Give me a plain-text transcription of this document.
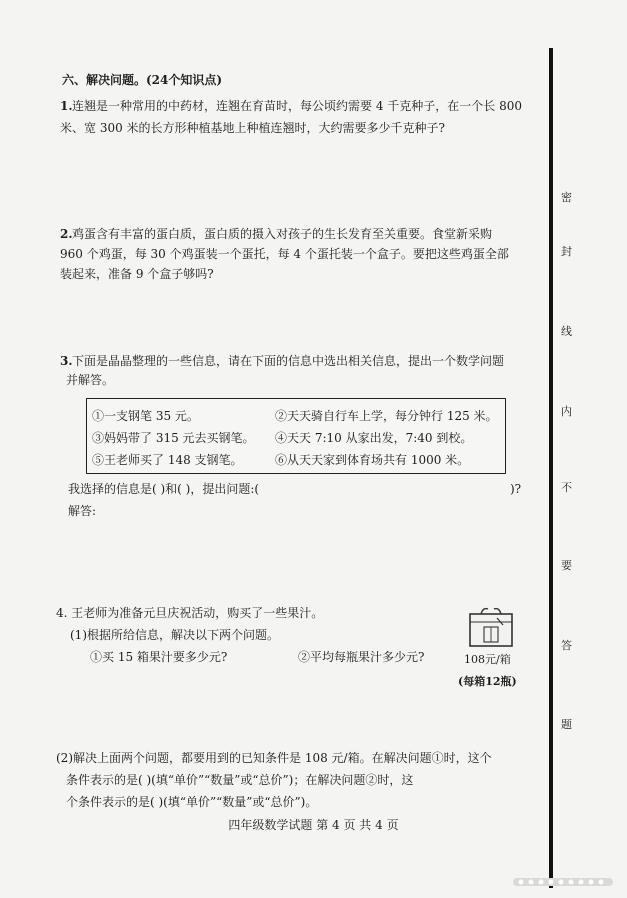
六、解决问题。(24个知识点)
1. 连翘是一种常用的中药材，连翘在育苗时，每公顷约需要 4 千克种子，在一个长 800
米、宽 300 米的长方形种植基地上种植连翘时，大约需要多少千克种子?
2. 鸡蛋含有丰富的蛋白质，蛋白质的摄入对孩子的生长发育至关重要。食堂新采购
960 个鸡蛋，每 30 个鸡蛋装一个蛋托，每 4 个蛋托装一个盒子。要把这些鸡蛋全部
装起来，准备 9 个盒子够吗?
3. 下面是晶晶整理的一些信息，请在下面的信息中选出相关信息，提出一个数学问题
并解答。
①一支钢笔 35 元。	②天天骑自行车上学，每分钟行 125 米。
③妈妈带了 315 元去买钢笔。 ④天天 7:10 从家出发，7:40 到校。
⑤王老师买了 148 支钢笔。	⑥从天天家到体育场共有 1000 米。
我选择的信息是( )和( )，提出问题:(	)?
解答:
4. 王老师为准备元旦庆祝活动，购买了一些果汁。
(1)根据所给信息，解决以下两个问题。
①买 15 箱果汁要多少元?	②平均每瓶果汁多少元?	108元/箱
(每箱12瓶)
(2)解决上面两个问题，都要用到的已知条件是 108 元/箱。在解决问题①时，这个
条件表示的是( )(填“单价”“数量”或“总价”)；在解决问题②时，这
个条件表示的是( )(填“单价”“数量”或“总价”)。
四年级数学试题 第 4 页 共 4 页
密
封
线
内
不
要
答
题
